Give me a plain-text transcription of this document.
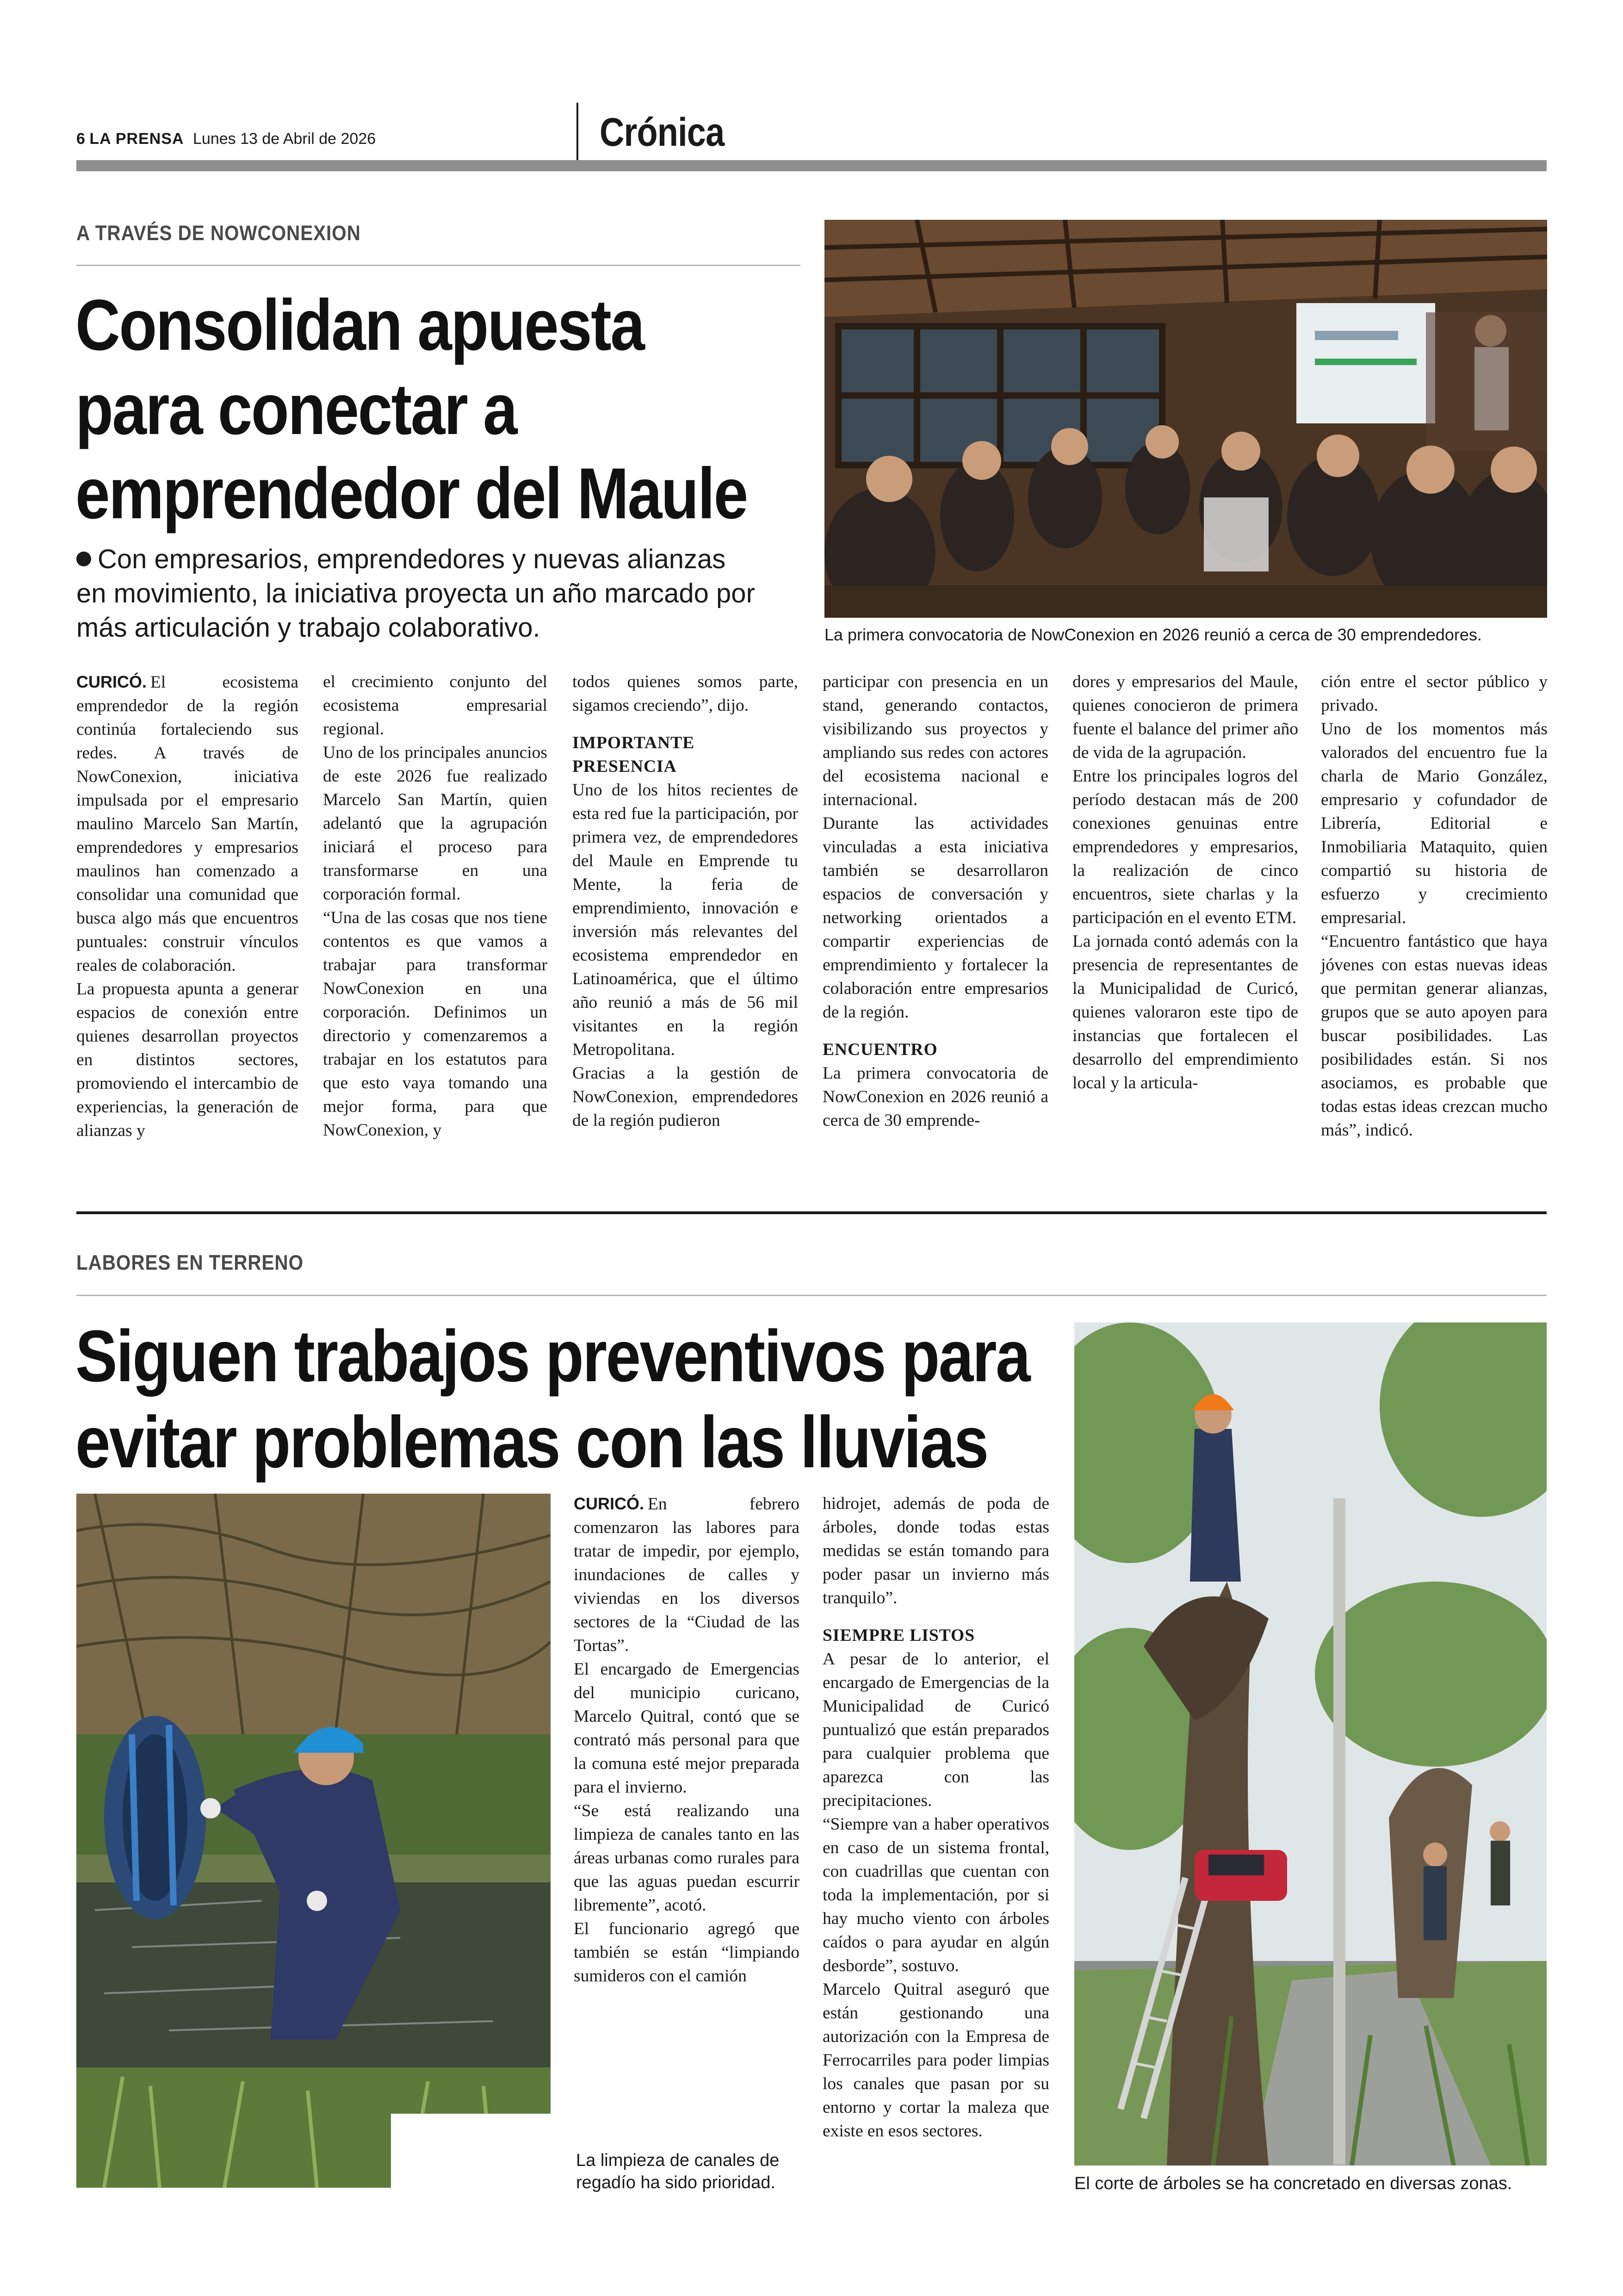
6 LA PRENSA Lunes 13 de Abril de 2026	Crónica
A TRAVÉS DE NOWCONEXION
Consolidan apuesta
para conectar a
emprendedor del Maule
Con empresarios, emprendedores y nuevas alianzas
en movimiento, la iniciativa proyecta un año marcado por
más articulación y trabajo colaborativo.	La primera convocatoria de NowConexion en 2026 reunió a cerca de 30 emprendedores.

CURICÓ. El ecosistema emprendedor de la región continúa fortaleciendo sus redes. A través de NowConexion, iniciativa impulsada por el empresario maulino Marcelo San Martín, emprendedores y empresarios maulinos han comenzado a consolidar una comunidad que busca algo más que encuentros puntuales: construir vínculos reales de colaboración.

La propuesta apunta a generar espacios de conexión entre quienes desarrollan proyectos en distintos sectores, promoviendo el intercambio de experiencias, la generación de alianzas y

el crecimiento conjunto del ecosistema empresarial regional.

Uno de los principales anuncios de este 2026 fue realizado Marcelo San Martín, quien adelantó que la agrupación iniciará el proceso para transformarse en una corporación formal.

“Una de las cosas que nos tiene contentos es que vamos a trabajar para transformar NowConexion en una corporación. Definimos un directorio y comenzaremos a trabajar en los estatutos para que esto vaya tomando una mejor forma, para que NowConexion, y

todos quienes somos parte, sigamos creciendo”, dijo.

IMPORTANTE PRESENCIA

Uno de los hitos recientes de esta red fue la participación, por primera vez, de emprendedores del Maule en Emprende tu Mente, la feria de emprendimiento, innovación e inversión más relevantes del ecosistema emprendedor en Latinoamérica, que el último año reunió a más de 56 mil visitantes en la región Metropolitana.

Gracias a la gestión de NowConexion, emprendedores de la región pudieron

participar con presencia en un stand, generando contactos, visibilizando sus proyectos y ampliando sus redes con actores del ecosistema nacional e internacional.

Durante las actividades vinculadas a esta iniciativa también se desarrollaron espacios de conversación y networking orientados a compartir experiencias de emprendimiento y fortalecer la colaboración entre empresarios de la región.

ENCUENTRO

La primera convocatoria de NowConexion en 2026 reunió a cerca de 30 emprende-

dores y empresarios del Maule, quienes conocieron de primera fuente el balance del primer año de vida de la agrupación.

Entre los principales logros del período destacan más de 200 conexiones genuinas entre emprendedores y empresarios, la realización de cinco encuentros, siete charlas y la participación en el evento ETM.

La jornada contó además con la presencia de representantes de la Municipalidad de Curicó, quienes valoraron este tipo de instancias que fortalecen el desarrollo del emprendimiento local y la articula-

ción entre el sector público y privado.

Uno de los momentos más valorados del encuentro fue la charla de Mario González, empresario y cofundador de Librería, Editorial e Inmobiliaria Mataquito, quien compartió su historia de esfuerzo y crecimiento empresarial.

“Encuentro fantástico que haya jóvenes con estas nuevas ideas que permitan generar alianzas, grupos que se auto apoyen para buscar posibilidades. Las posibilidades están. Si nos asociamos, es probable que todas estas ideas crezcan mucho más”, indicó.

LABORES EN TERRENO
Siguen trabajos preventivos para
evitar problemas con las lluvias
La limpieza de canales de regadío ha sido prioridad.

CURICÓ. En febrero comenzaron las labores para tratar de impedir, por ejemplo, inundaciones de calles y viviendas en los diversos sectores de la “Ciudad de las Tortas”.

El encargado de Emergencias del municipio curicano, Marcelo Quitral, contó que se contrató más personal para que la comuna esté mejor preparada para el invierno.

“Se está realizando una limpieza de canales tanto en las áreas urbanas como rurales para que las aguas puedan escurrir libremente”, acotó.

El funcionario agregó que también se están “limpiando sumideros con el camión

hidrojet, además de poda de árboles, donde todas estas medidas se están tomando para poder pasar un invierno más tranquilo”.

SIEMPRE LISTOS

A pesar de lo anterior, el encargado de Emergencias de la Municipalidad de Curicó puntualizó que están preparados para cualquier problema que aparezca con las precipitaciones.

“Siempre van a haber operativos en caso de un sistema frontal, con cuadrillas que cuentan con toda la implementación, por si hay mucho viento con árboles caídos o para ayudar en algún desborde”, sostuvo.

Marcelo Quitral aseguró que están gestionando una autorización con la Empresa de Ferrocarriles para poder limpias los canales que pasan por su entorno y cortar la maleza que existe en esos sectores.

El corte de árboles se ha concretado en diversas zonas.
